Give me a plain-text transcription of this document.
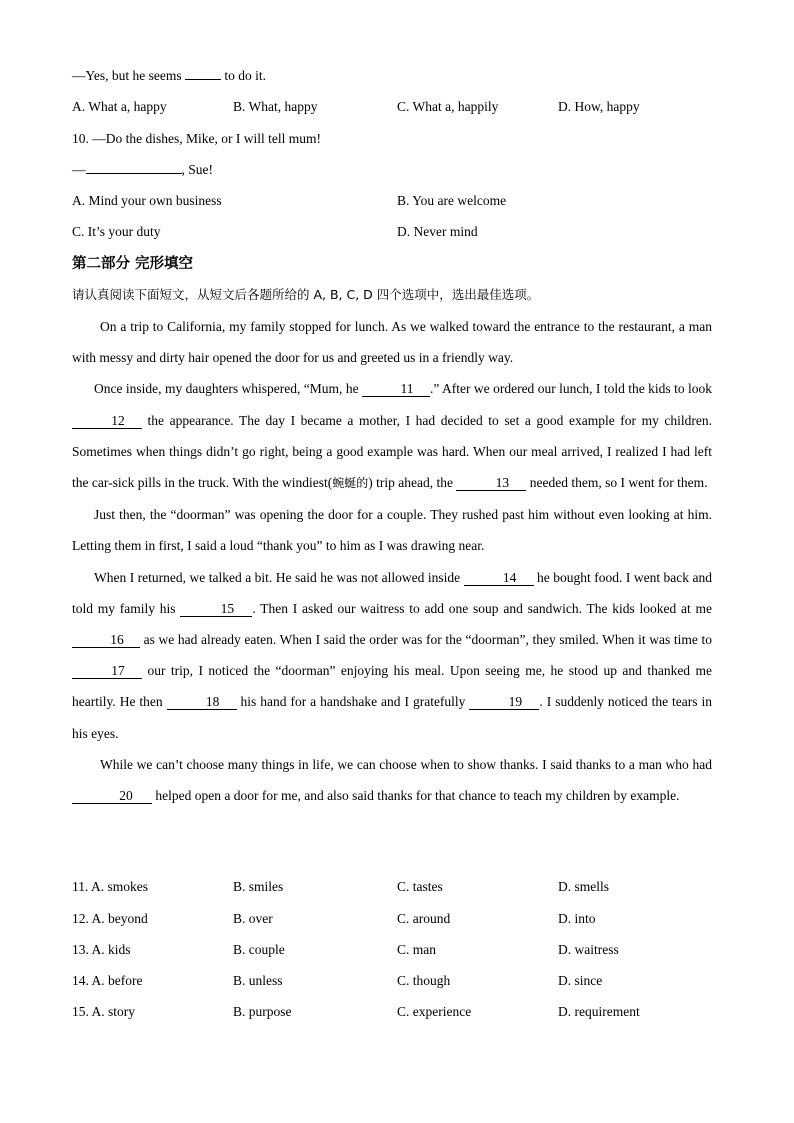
—Yes, but he seems	to do it.
A. What a, happy	B. What, happy	C. What a, happily	D. How, happy
10. —Do the dishes, Mike, or I will tell mum!
—	, Sue!
A. Mind your own business	B. You are welcome
C. It’s your duty	D. Never mind
第二部分 完形填空
请认真阅读下面短文，从短文后各题所给的 A, B, C, D 四个选项中，选出最佳选项。

On a trip to California, my family stopped for lunch. As we walked toward the entrance to the restaurant, a man with messy and dirty hair opened the door for us and greeted us in a friendly way.

Once inside, my daughters whispered, “Mum, he	11 .” After we ordered our lunch, I told the kids to look 12 the appearance. The day I became a mother, I had decided to set a good example for my children. Sometimes when things didn’t go right, being a good example was hard. When our meal arrived, I realized I had left the car-sick pills in the truck. With the windiest(蜿蜒的) trip ahead, the	13 needed them, so I went for them.

Just then, the “doorman” was opening the door for a couple. They rushed past him without even looking at him. Letting them in first, I said a loud “thank you” to him as I was drawing near.

When I returned, we talked a bit. He said he was not allowed inside	14 he bought food. I went back and told my family his	15 . Then I asked our waitress to add one soup and sandwich. The kids looked at me 16 as we had already eaten. When I said the order was for the “doorman”, they smiled. When it was time to 17 our trip, I noticed the “doorman” enjoying his meal. Upon seeing me, he stood up and thanked me heartily. He then	18 his hand for a handshake and I gratefully	19 . I suddenly noticed the tears in his eyes.

While we can’t choose many things in life, we can choose when to show thanks. I said thanks to a man who had 20 helped open a door for me, and also said thanks for that chance to teach my children by example.

11. A. smokes	B. smiles	C. tastes	D. smells
12. A. beyond	B. over	C. around	D. into
13. A. kids	B. couple	C. man	D. waitress
14. A. before	B. unless	C. though	D. since
15. A. story	B. purpose	C. experience	D. requirement
